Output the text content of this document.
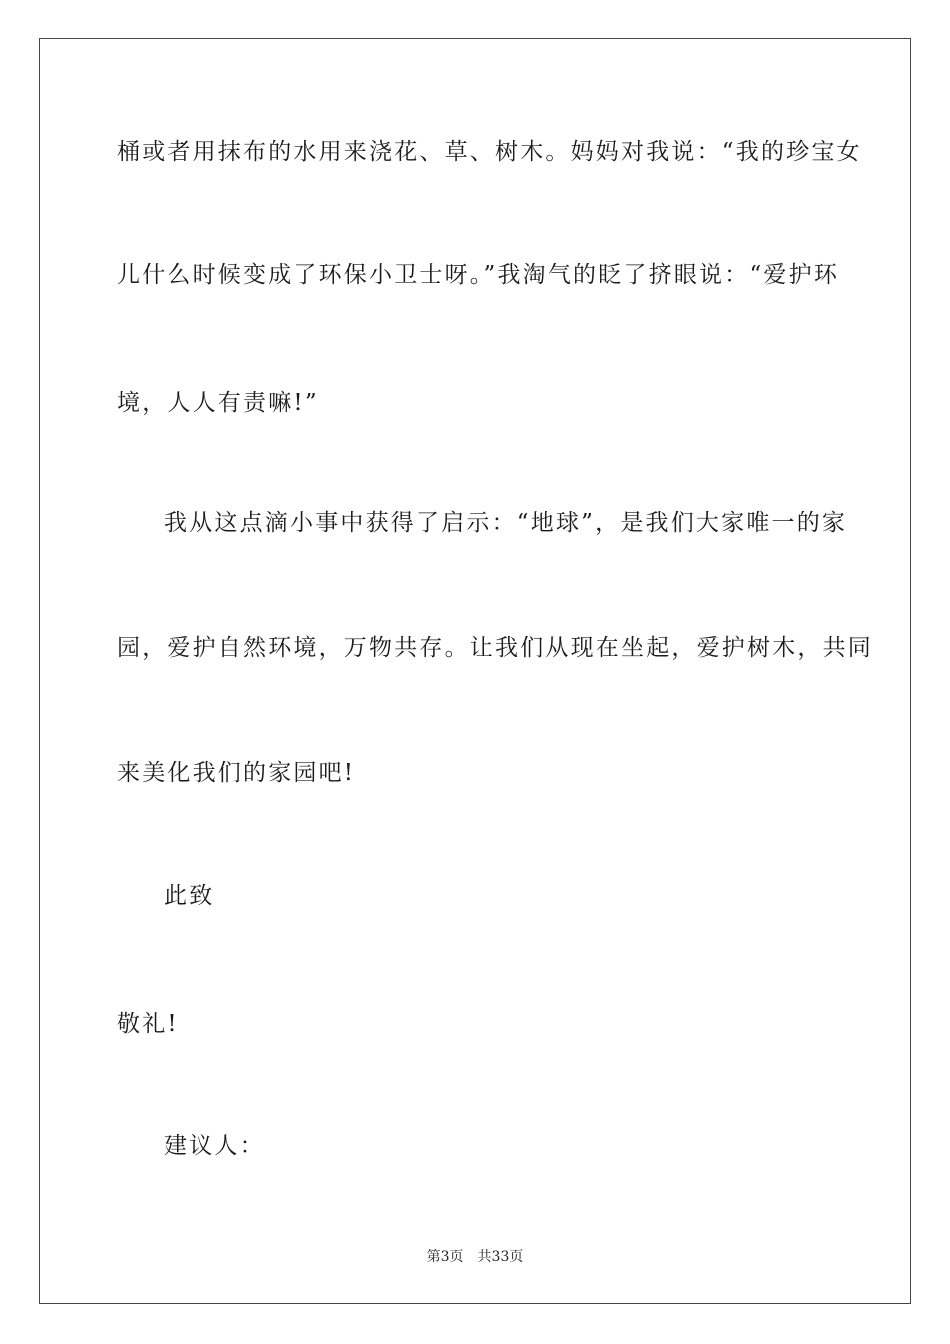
桶或者用抹布的水用来浇花、草、树木。妈妈对我说：“我的珍宝女
儿什么时候变成了环保小卫士呀。”我淘气的眨了挤眼说：“爱护环
境，人人有责嘛!”
我从这点滴小事中获得了启示：“地球”，是我们大家唯一的家
园，爱护自然环境，万物共存。让我们从现在坐起，爱护树木，共同
来美化我们的家园吧!
此致
敬礼!
建议人：
第3页 共33页
